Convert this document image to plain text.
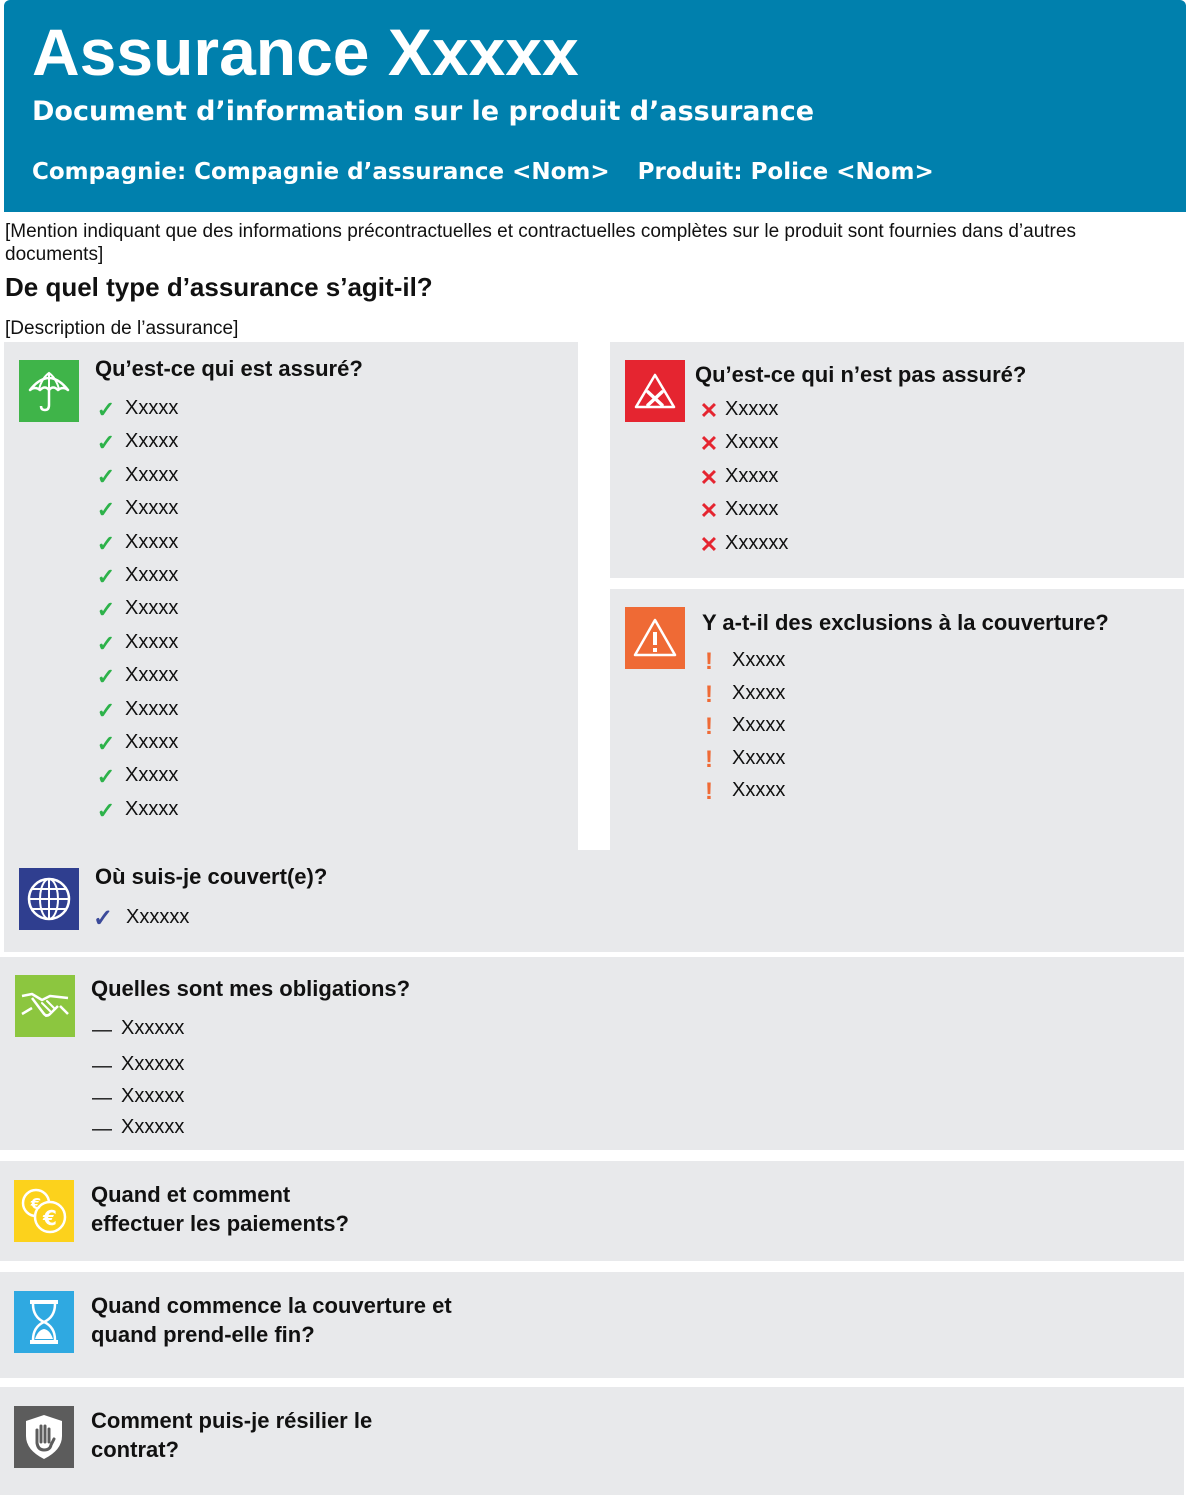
Assurance Xxxxx
Document d’information sur le produit d’assurance
Compagnie: Compagnie d’assurance <Nom> Produit: Police <Nom>
[Mention indiquant que des informations précontractuelles et contractuelles complètes sur le produit sont fournies dans d’autres documents]
De quel type d’assurance s’agit-il?
[Description de l’assurance]
Qu’est-ce qui est assuré?
✓ Xxxxx
✓ Xxxxx
✓ Xxxxx
✓ Xxxxx
✓ Xxxxx
✓ Xxxxx
✓ Xxxxx
✓ Xxxxx
✓ Xxxxx
✓ Xxxxx
✓ Xxxxx
✓ Xxxxx
✓ Xxxxx
Qu’est-ce qui n’est pas assuré?
✕ Xxxxx
✕ Xxxxx
✕ Xxxxx
✕ Xxxxx
✕ Xxxxxx
Y a-t-il des exclusions à la couverture?
! Xxxxx
! Xxxxx
! Xxxxx
! Xxxxx
! Xxxxx
Où suis-je couvert(e)?
✓ Xxxxxx
Quelles sont mes obligations?
— Xxxxxx
— Xxxxxx
— Xxxxxx
— Xxxxxx
€
€
Quand et comment
effectuer les paiements?
Quand commence la couverture et
quand prend-elle fin?
Comment puis-je résilier le
contrat?
